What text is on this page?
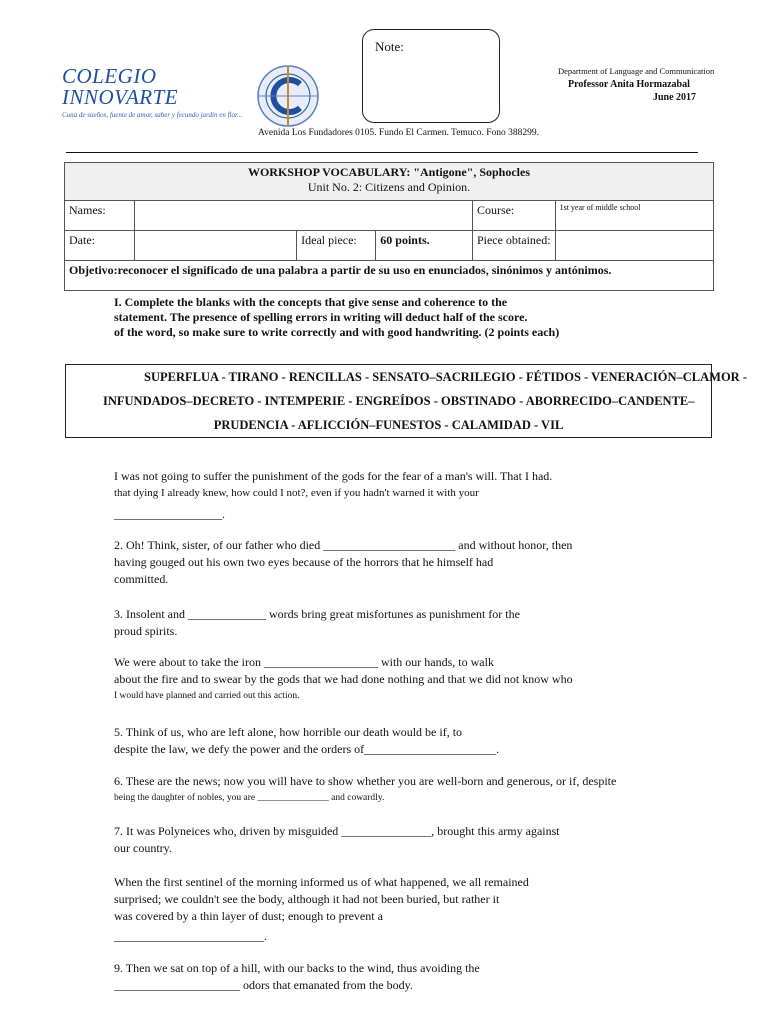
COLEGIO
INNOVARTE
Cuna de sueños, fuente de amor, saber y fecundo jardín en flor...
Note:
Department of Language and Communication
Professor Anita Hormazabal
June 2017
Avenida Los Fundadores 0105. Fundo El Carmen. Temuco. Fono 388299.
WORKSHOP VOCABULARY: "Antigone", Sophocles
Unit No. 2: Citizens and Opinion.					

Names:				Course:	1st year of middle school
Date:		Ideal piece:	60 points.	Piece obtained:	
Objetivo:reconocer el significado de una palabra a partir de su uso en enunciados, sinónimos y antónimos.					
I. Complete the blanks with the concepts that give sense and coherence to the
statement. The presence of spelling errors in writing will deduct half of the score.
of the word, so make sure to write correctly and with good handwriting. (2 points each)
SUPERFLUA - TIRANO - RENCILLAS - SENSATO–SACRILEGIO - FÉTIDOS - VENERACIÓN–CLAMOR -
INFUNDADOS–DECRETO - INTEMPERIE - ENGREÍDOS - OBSTINADO - ABORRECIDO–CANDENTE–
PRUDENCIA - AFLICCIÓN–FUNESTOS - CALAMIDAD - VIL
I was not going to suffer the punishment of the gods for the fear of a man's will. That I had.
that dying I already knew, how could I not?, even if you hadn't warned it with your
__________________.
2. Oh! Think, sister, of our father who died ______________________ and without honor, then
having gouged out his own two eyes because of the horrors that he himself had
committed.
3. Insolent and _____________ words bring great misfortunes as punishment for the
proud spirits.
We were about to take the iron ___________________ with our hands, to walk
about the fire and to swear by the gods that we had done nothing and that we did not know who
I would have planned and carried out this action.
5. Think of us, who are left alone, how horrible our death would be if, to
despite the law, we defy the power and the orders of______________________.
6. These are the news; now you will have to show whether you are well-born and generous, or if, despite
being the daughter of nobles, you are _______________ and cowardly.
7. It was Polyneices who, driven by misguided _______________, brought this army against
our country.
When the first sentinel of the morning informed us of what happened, we all remained
surprised; we couldn't see the body, although it had not been buried, but rather it
was covered by a thin layer of dust; enough to prevent a
_________________________.
9. Then we sat on top of a hill, with our backs to the wind, thus avoiding the
_____________________ odors that emanated from the body.
